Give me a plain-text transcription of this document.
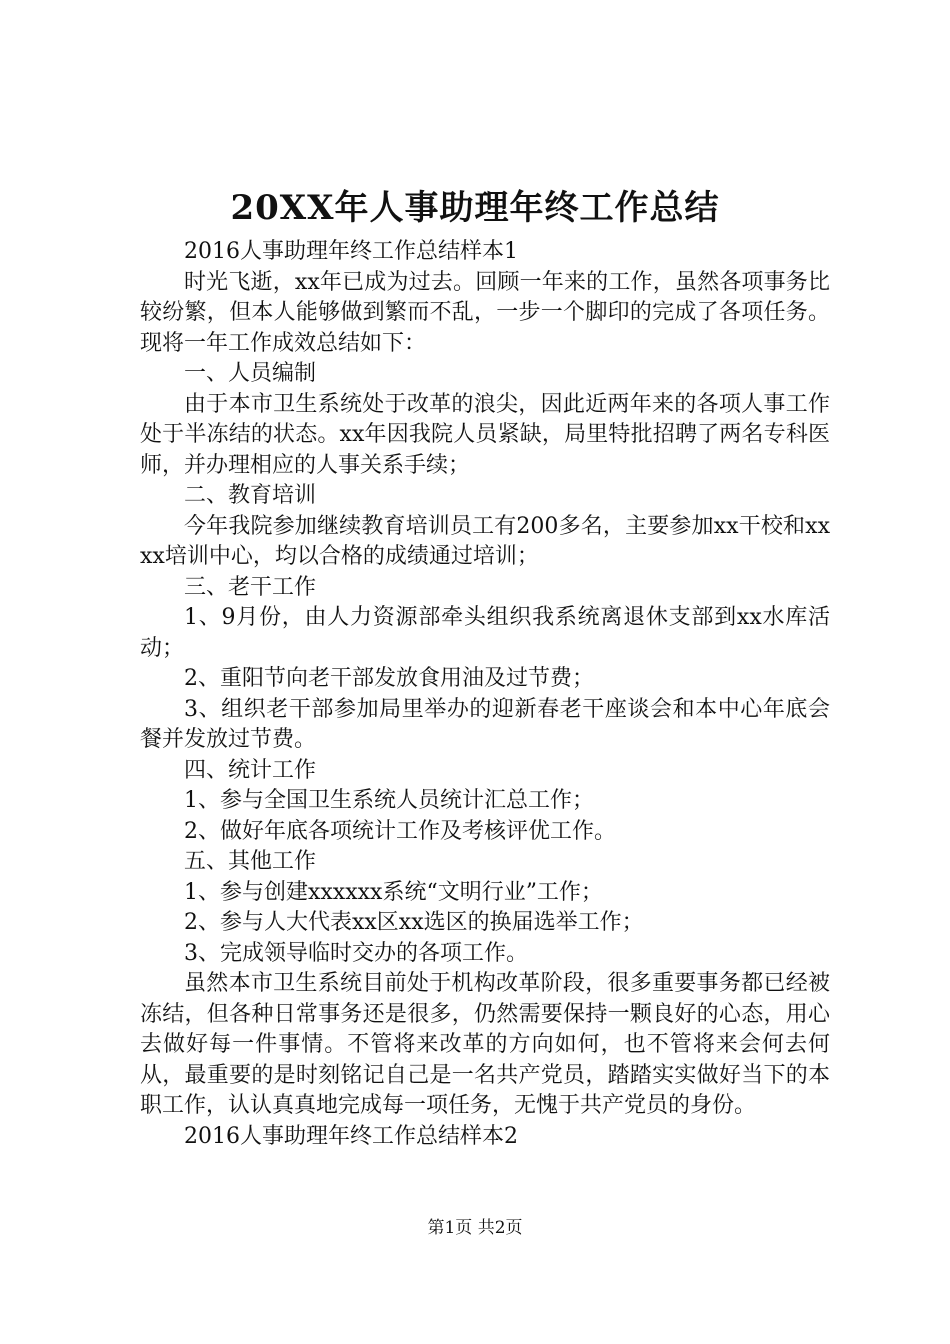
20XX年人事助理年终工作总结

2016人事助理年终工作总结样本1

时光飞逝，xx年已成为过去。回顾一年来的工作，虽然各项事务比较纷繁，但本人能够做到繁而不乱，一步一个脚印的完成了各项任务。现将一年工作成效总结如下：

一、人员编制

由于本市卫生系统处于改革的浪尖，因此近两年来的各项人事工作处于半冻结的状态。xx年因我院人员紧缺，局里特批招聘了两名专科医师，并办理相应的人事关系手续；

二、教育培训

今年我院参加继续教育培训员工有200多名，主要参加xx干校和xxxx培训中心，均以合格的成绩通过培训；

三、老干工作

1、9月份，由人力资源部牵头组织我系统离退休支部到xx水库活动；

2、重阳节向老干部发放食用油及过节费；

3、组织老干部参加局里举办的迎新春老干座谈会和本中心年底会餐并发放过节费。

四、统计工作

1、参与全国卫生系统人员统计汇总工作；

2、做好年底各项统计工作及考核评优工作。

五、其他工作

1、参与创建xxxxxx系统“文明行业”工作；

2、参与人大代表xx区xx选区的换届选举工作；

3、完成领导临时交办的各项工作。

虽然本市卫生系统目前处于机构改革阶段，很多重要事务都已经被冻结，但各种日常事务还是很多，仍然需要保持一颗良好的心态，用心去做好每一件事情。不管将来改革的方向如何，也不管将来会何去何从，最重要的是时刻铭记自己是一名共产党员，踏踏实实做好当下的本职工作，认认真真地完成每一项任务，无愧于共产党员的身份。

2016人事助理年终工作总结样本2

第1页 共2页
